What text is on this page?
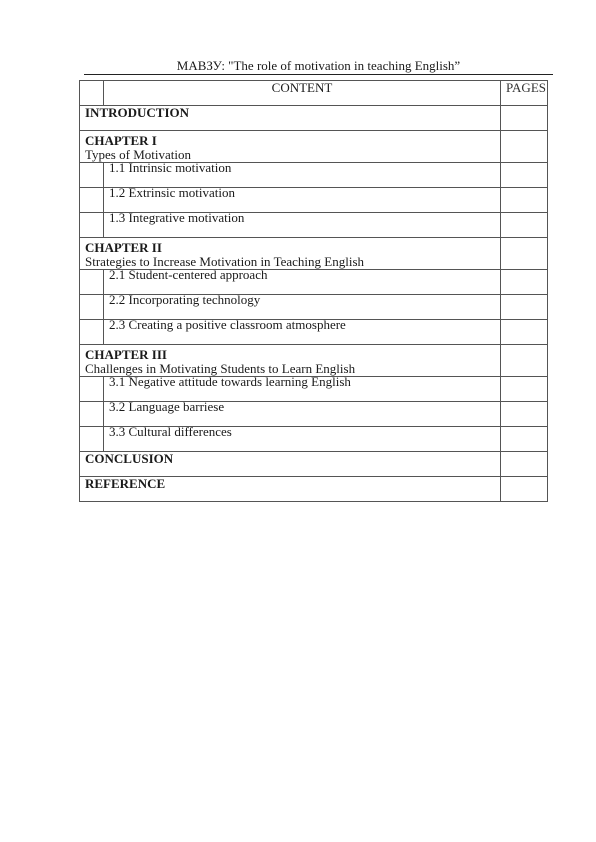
МАВЗУ: "The role of motivation in teaching English”
	CONTENT	PAGES
INTRODUCTION		

CHAPTER I
Types of Motivation		

	1.1 Intrinsic motivation	

	1.2 Extrinsic motivation	

	1.3 Integrative motivation	

CHAPTER II
Strategies to Increase Motivation in Teaching English		

	2.1 Student-centered approach	

	2.2 Incorporating technology	

	2.3 Creating a positive classroom atmosphere	

CHAPTER III
Challenges in Motivating Students to Learn English		

	3.1 Negative attitude towards learning English	

	3.2 Language barriese	

	3.3 Cultural differences	

CONCLUSION		
REFERENCE		
